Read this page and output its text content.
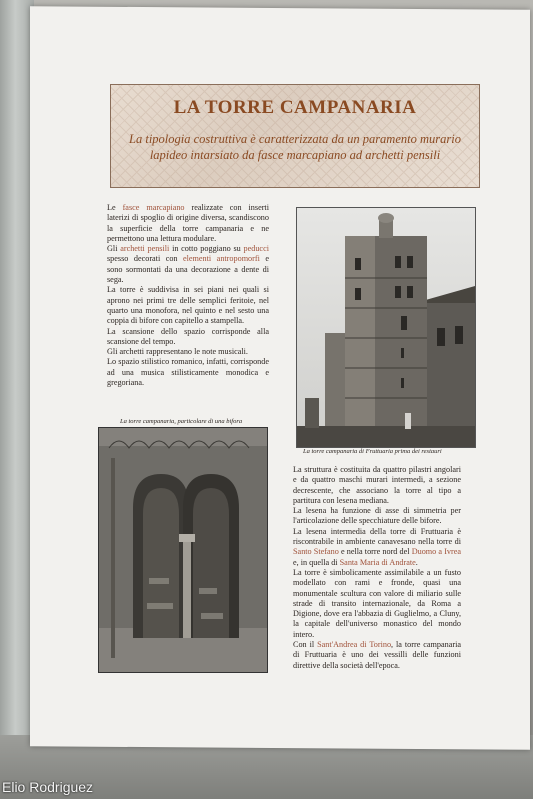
LA TORRE CAMPANARIA
La tipologia costruttiva è caratterizzata da un paramento murario lapideo intarsiato da fasce marcapiano ad archetti pensili
Le fasce marcapiano realizzate con inserti laterizi di spoglio di origine diversa, scandiscono la superficie della torre campanaria e ne permettono una lettura modulare.
Gli archetti pensili in cotto poggiano su peducci spesso decorati con elementi antropomorfi e sono sormontati da una decorazione a dente di sega.
La torre è suddivisa in sei piani nei quali si aprono nei primi tre delle semplici feritoie, nel quarto una monofora, nel quinto e nel sesto una coppia di bifore con capitello a stampella.
La scansione dello spazio corrisponde alla scansione del tempo.
Gli archetti rappresentano le note musicali.
Lo spazio stilistico romanico, infatti, corrisponde ad una musica stilisticamente monodica e gregoriana.
La torre campanaria di Fruttuaria prima dei restauri
La torre campanaria, particolare di una bifora
La struttura è costituita da quattro pilastri angolari e da quattro maschi murari intermedi, a sezione decrescente, che associano la torre al tipo a partitura con lesena mediana.
La lesena ha funzione di asse di simmetria per l'articolazione delle specchiature delle bifore.
La lesena intermedia della torre di Fruttuaria è riscontrabile in ambiente canavesano nella torre di Santo Stefano e nella torre nord del Duomo a Ivrea e, in quella di Santa Maria di Andrate.
La torre è simbolicamente assimilabile a un fusto modellato con rami e fronde, quasi una monumentale scultura con valore di miliario sulle strade di transito internazionale, da Roma a Digione, dove era l'abbazia di Guglielmo, a Cluny, la capitale dell'universo monastico del mondo intero.
Con il Sant'Andrea di Torino, la torre campanaria di Fruttuaria è uno dei vessilli delle funzioni direttive della società dell'epoca.
Elio Rodriguez
